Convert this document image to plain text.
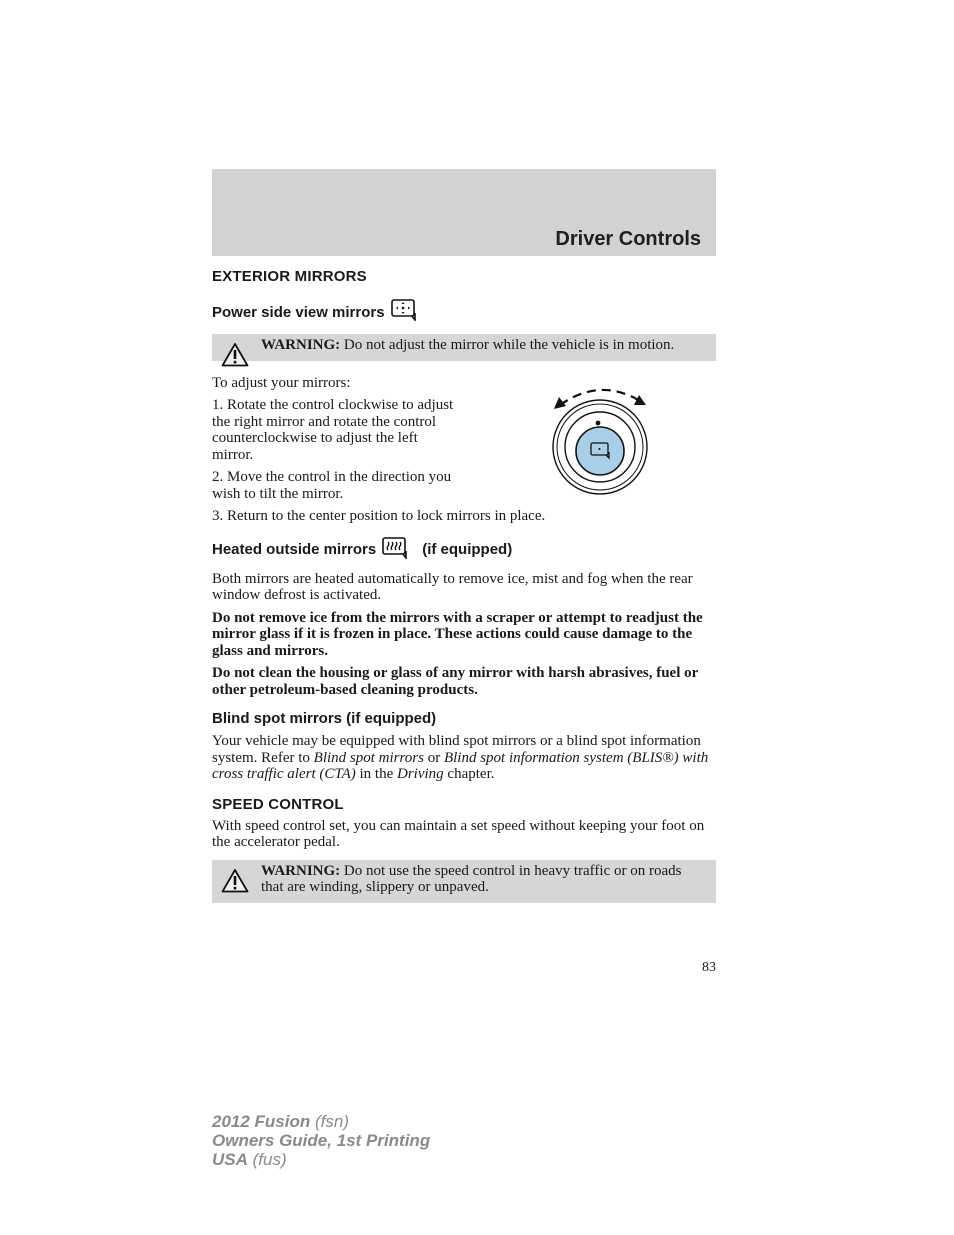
Driver Controls
EXTERIOR MIRRORS
Power side view mirrors
WARNING: Do not adjust the mirror while the vehicle is in motion.

To adjust your mirrors:

1. Rotate the control clockwise to adjust the right mirror and rotate the control counterclockwise to adjust the left mirror.

2. Move the control in the direction you wish to tilt the mirror.

3. Return to the center position to lock mirrors in place.

Heated outside mirrors	(if equipped)

Both mirrors are heated automatically to remove ice, mist and fog when the rear window defrost is activated.

Do not remove ice from the mirrors with a scraper or attempt to readjust the mirror glass if it is frozen in place. These actions could cause damage to the glass and mirrors.

Do not clean the housing or glass of any mirror with harsh abrasives, fuel or other petroleum-based cleaning products.

Blind spot mirrors (if equipped)

Your vehicle may be equipped with blind spot mirrors or a blind spot information system. Refer to Blind spot mirrors or Blind spot information system (BLIS®) with cross traffic alert (CTA) in the Driving chapter.

SPEED CONTROL

With speed control set, you can maintain a set speed without keeping your foot on the accelerator pedal.

WARNING: Do not use the speed control in heavy traffic or on roads that are winding, slippery or unpaved.
83
2012 Fusion (fsn)
Owners Guide, 1st Printing
USA (fus)
